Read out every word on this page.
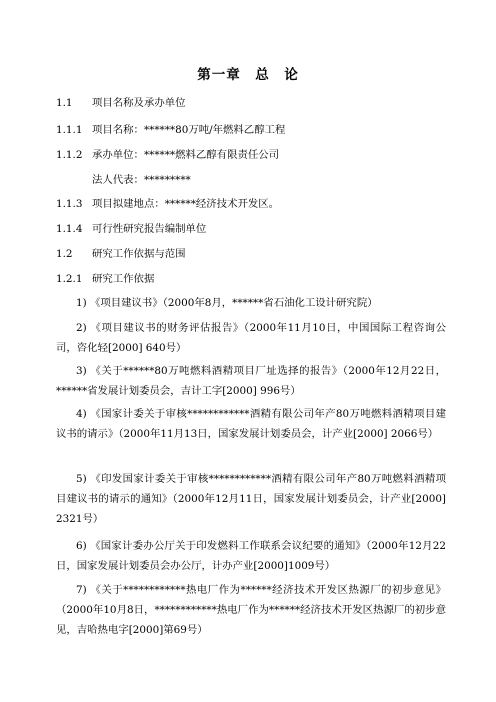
第一章　总　论
1.1 项目名称及承办单位
1.1.1 项目名称：******80万吨/年燃料乙醇工程
1.1.2 承办单位：******燃料乙醇有限责任公司
法人代表：*********
1.1.3 项目拟建地点：******经济技术开发区。
1.1.4 可行性研究报告编制单位
1.2 研究工作依据与范围
1.2.1 研究工作依据
1) 《项目建议书》（2000年8月，******省石油化工设计研究院）
2) 《项目建议书的财务评估报告》（2000年11月10日，中国国际工程咨询公司，咨化轻[2000] 640号）
3) 《关于******80万吨燃料酒精项目厂址选择的报告》（2000年12月22日，******省发展计划委员会，吉计工字[2000] 996号）
4) 《国家计委关于审核************酒精有限公司年产80万吨燃料酒精项目建议书的请示》（2000年11月13日，国家发展计划委员会，计产业[2000] 2066号）
5) 《印发国家计委关于审核************酒精有限公司年产80万吨燃料酒精项目建议书的请示的通知》（2000年12月11日，国家发展计划委员会，计产业[2000] 2321号）
6) 《国家计委办公厅关于印发燃料工作联系会议纪要的通知》（2000年12月22日，国家发展计划委员会办公厅，计办产业[2000]1009号）
7) 《关于************热电厂作为******经济技术开发区热源厂的初步意见》（2000年10月8日，************热电厂作为******经济技术开发区热源厂的初步意见，吉哈热电字[2000]第69号）
